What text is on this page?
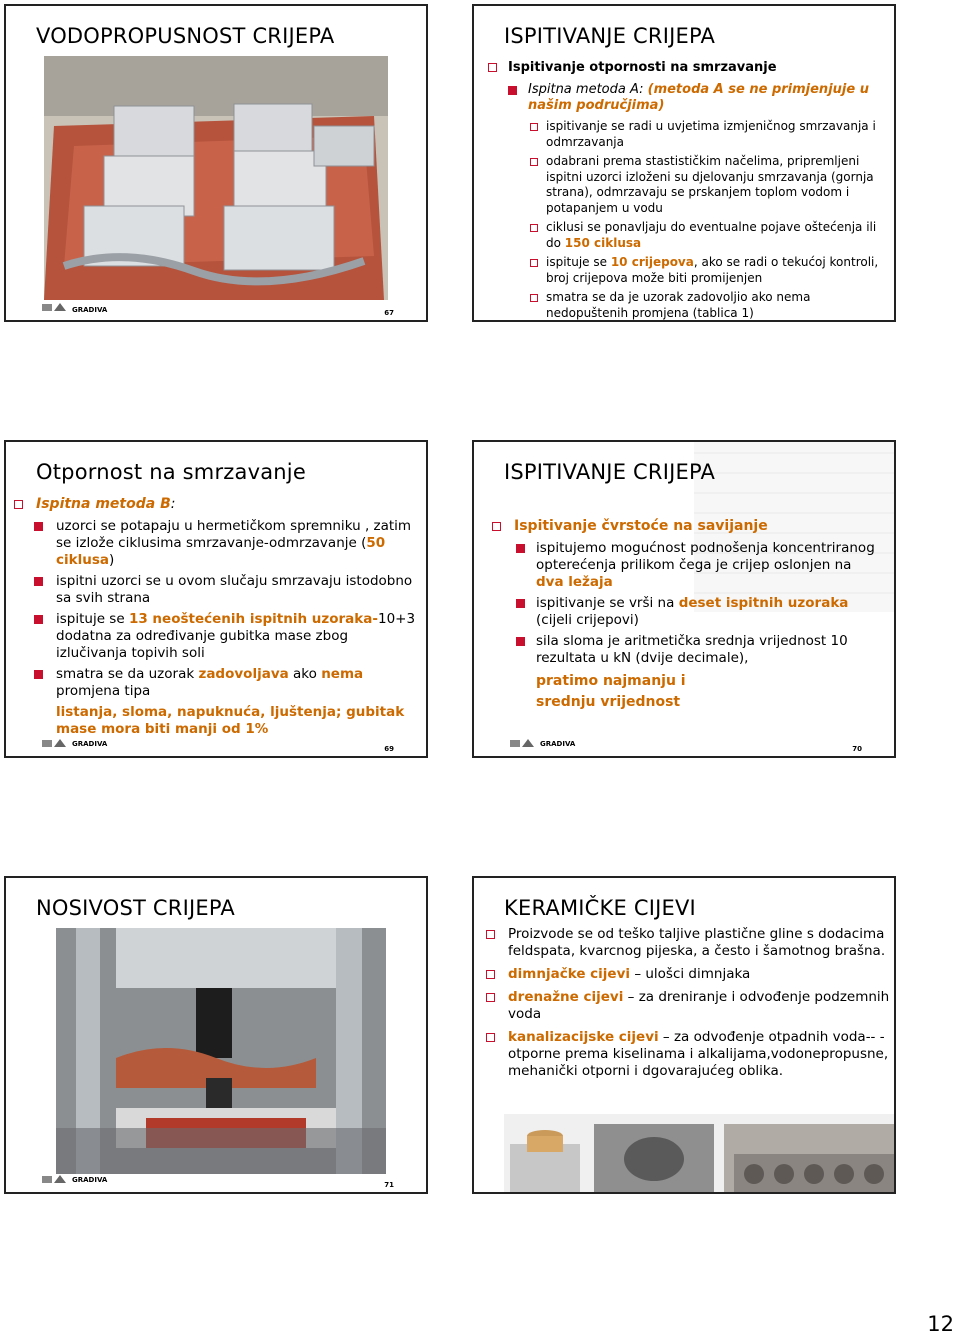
VODOPROPUSNOST CRIJEPA
GRADIVA	67
ISPITIVANJE CRIJEPA
Ispitivanje otpornosti na smrzavanje
Ispitna metoda A: (metoda A se ne primjenjuje u našim područjima)
ispitivanje se radi u uvjetima izmjeničnog smrzavanja i odmrzavanja
odabrani prema stastističkim načelima, pripremljeni ispitni uzorci izloženi su djelovanju smrzavanja (gornja strana), odmrzavaju se prskanjem toplom vodom i potapanjem u vodu
ciklusi se ponavljaju do eventualne pojave oštećenja ili do 150 ciklusa
ispituje se 10 crijepova, ako se radi o tekućoj kontroli, broj crijepova može biti promijenjen
smatra se da je uzorak zadovoljio ako nema nedopuštenih promjena (tablica 1)
Otpornost na smrzavanje
Ispitna metoda B:
uzorci se potapaju u hermetičkom spremniku , zatim se izlože ciklusima smrzavanje-odmrzavanje (50 ciklusa)
ispitni uzorci se u ovom slučaju smrzavaju istodobno sa svih strana
ispituje se 13 neoštećenih ispitnih uzoraka-10+3 dodatna za određivanje gubitka mase zbog izlučivanja topivih soli
smatra se da uzorak zadovoljava ako nema promjena tipa
listanja, sloma, napuknuća, ljuštenja; gubitak mase mora biti manji od 1%
GRADIVA
69
ISPITIVANJE CRIJEPA
Ispitivanje čvrstoće na savijanje
ispitujemo mogućnost podnošenja koncentriranog opterećenja prilikom čega je crijep oslonjen na dva ležaja
ispitivanje se vrši na deset ispitnih uzoraka (cijeli crijepovi)
sila sloma je aritmetička srednja vrijednost 10 rezultata u kN (dvije decimale),
pratimo najmanju i srednju vrijednost
GRADIVA
70
NOSIVOST CRIJEPA
GRADIVA
71
KERAMIČKE CIJEVI
Proizvode se od teško taljive plastične gline s dodacima feldspata, kvarcnog pijeska, a često i šamotnog brašna.
dimnjačke cijevi – ulošci dimnjaka
drenažne cijevi – za dreniranje i odvođenje podzemnih voda
kanalizacijske cijevi – za odvođenje otpadnih voda-- -otporne prema kiselinama i alkalijama,vodonepropusne, mehanički otporni i dgovarajućeg oblika.
12
